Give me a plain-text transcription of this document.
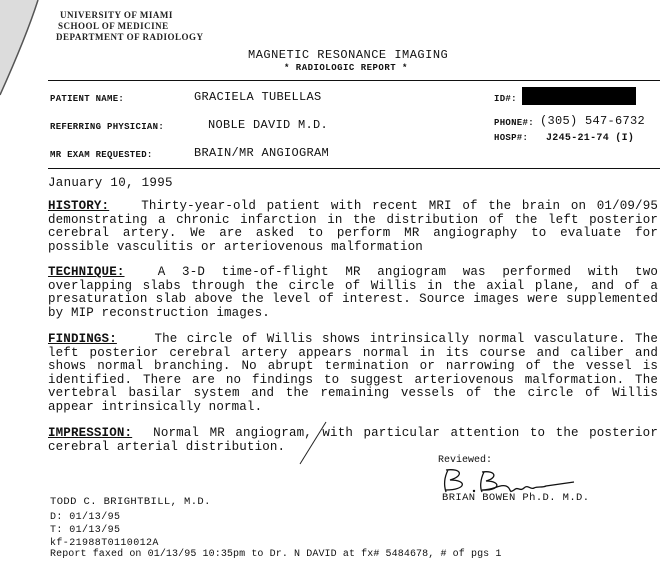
UNIVERSITY OF MIAMI
SCHOOL OF MEDICINE
DEPARTMENT OF RADIOLOGY
MAGNETIC RESONANCE IMAGING
* RADIOLOGIC REPORT *
PATIENT NAME:	GRACIELA TUBELLAS	ID#:
REFERRING PHYSICIAN:	NOBLE DAVID M.D.	PHONE#: (305) 547-6732
HOSP#: J245-21-74 (I)
MR EXAM REQUESTED:	BRAIN/MR ANGIOGRAM
January 10, 1995
HISTORY:	Thirty-year-old patient with recent MRI of the brain on 01/09/95 demonstrating a chronic infarction in the distribution of the left posterior cerebral artery. We are asked to perform MR angiography to evaluate for possible vasculitis or arteriovenous malformation
TECHNIQUE:	A 3-D time-of-flight MR angiogram was performed with two overlapping slabs through the circle of Willis in the axial plane, and of a presaturation slab above the level of interest. Source images were supplemented by MIP reconstruction images.
FINDINGS:	The circle of Willis shows intrinsically normal vasculature. The left posterior cerebral artery appears normal in its course and caliber and shows normal branching. No abrupt termination or narrowing of the vessel is identified. There are no findings to suggest arteriovenous malformation. The vertebral basilar system and the remaining vessels of the circle of Willis appear intrinsically normal.
IMPRESSION: Normal MR angiogram, with particular attention to the posterior cerebral arterial distribution.
Reviewed:
BRIAN BOWEN Ph.D. M.D.
TODD C. BRIGHTBILL, M.D.
D: 01/13/95
T: 01/13/95
kf-21988T0110012A
Report faxed on 01/13/95 10:35pm to Dr. N DAVID at fx# 5484678, # of pgs 1
